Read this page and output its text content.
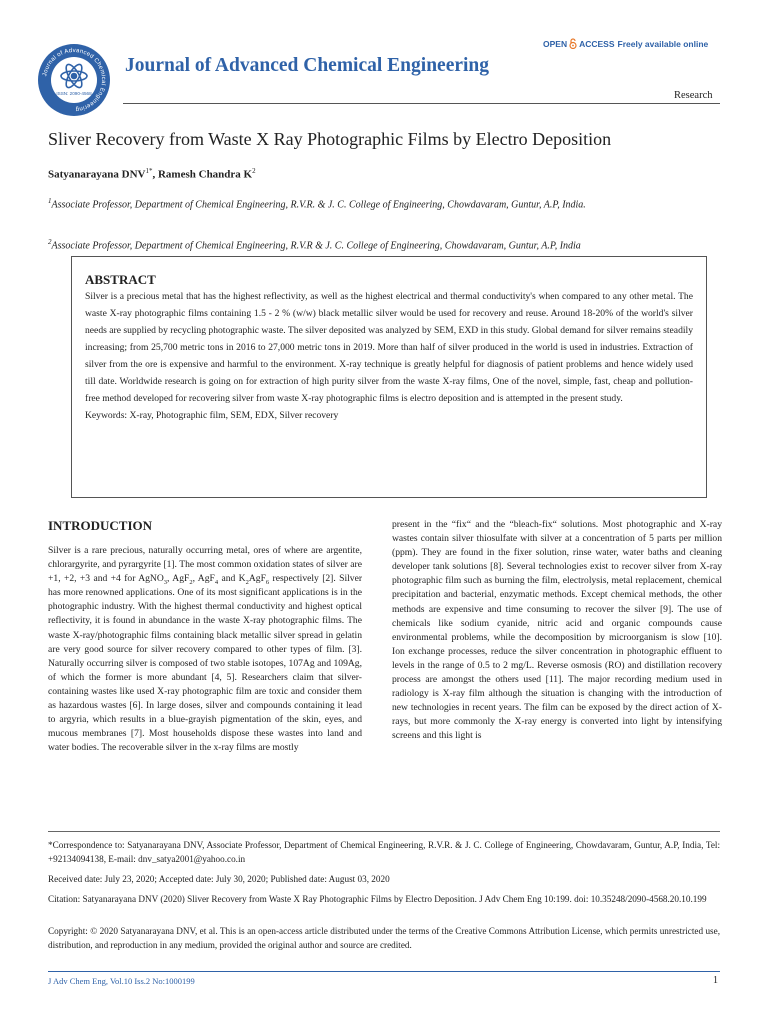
Journal of Advanced Chemical Engineering
ISSN: 2090-4568
Journal of Advanced Chemical Engineering
OPEN ACCESS Freely available online
Research
Sliver Recovery from Waste X Ray Photographic Films by Electro Deposition
Satyanarayana $DNV^{1*}$, Ramesh Chandra $K^2$
$^1$Associate Professor, Department of Chemical Engineering, R.V.R. & J. C. College of Engineering, Chowdavaram, Guntur, A.P, India.
$^2$Associate Professor, Department of Chemical Engineering, R.V.R & J. C. College of Engineering, Chowdavaram, Guntur, A.P, India

ABSTRACT

Silver is a precious metal that has the highest reflectivity, as well as the highest electrical and thermal conductivity's when compared to any other metal. The waste X-ray photographic films containing 1.5 - 2 % (w/w) black metallic silver would be used for recovery and reuse. Around 18-20% of the world's silver needs are supplied by recycling photographic waste. The silver deposited was analyzed by SEM, EXD in this study. Global demand for silver remains steadily increasing; from 25,700 metric tons in 2016 to 27,000 metric tons in 2019. More than half of silver produced in the world is used in industries. Extraction of silver from the ore is expensive and harmful to the environment. X-ray technique is greatly helpful for diagnosis of patient problems and hence widely used till date. Worldwide research is going on for extraction of high purity silver from the waste X-ray films, One of the novel, simple, fast, cheap and pollution-free method developed for recovering silver from waste X-ray photographic films is electro deposition and is attempted in the present study.

Keywords: X-ray, Photographic film, SEM, EDX, Silver recovery

INTRODUCTION

Silver is a rare precious, naturally occurring metal, ores of where are argentite, chlorargyrite, and pyrargyrite [1]. The most common oxidation states of silver are +1, +2, +3 and +4 for AgNO$_3$, AgF$_2$, AgF$_4$ and $K_2AgF_6$ respectively [2]. Silver has more renowned applications. One of its most significant applications is in the photographic industry. With the highest thermal conductivity and highest optical reflectivity, it is found in abundance in the waste X-ray photographic films. The waste X-ray/photographic films containing black metallic silver spread in gelatin are very good source for silver recovery compared to other types of film. [3]. Naturally occurring silver is composed of two stable isotopes, 107Ag and 109Ag, of which the former is more abundant [4, 5]. Researchers claim that silver-containing wastes like used X-ray photographic film are toxic and consider them as hazardous wastes [6]. In large doses, silver and compounds containing it lead to argyria, which results in a blue-grayish pigmentation of the skin, eyes, and mucous membranes [7]. Most households dispose these wastes into land and water bodies. The recoverable silver in the x-ray films are mostly

present in the “fix“ and the “bleach-fix“ solutions. Most photographic and X-ray wastes contain silver thiosulfate with silver at a concentration of 5 parts per million (ppm). They are found in the fixer solution, rinse water, water baths and cleaning developer tank solutions [8]. Several technologies exist to recover silver from X-ray photographic film such as burning the film, electrolysis, metal replacement, chemical precipitation and bacterial, enzymatic methods. Except chemical methods, the other methods are expensive and time consuming to recover the silver [9]. The use of chemicals like sodium cyanide, nitric acid and organic compounds cause environmental problems, while the decomposition by microorganism is slow [10]. Ion exchange processes, reduce the silver concentration in photographic effluent to levels in the range of 0.5 to 2 mg/L. Reverse osmosis (RO) and distillation recovery process are amongst the others used [11]. The major recording medium used in radiology is X-ray film although the situation is changing with the introduction of new technologies in recent years. The film can be exposed by the direct action of X-rays, but more commonly the X-ray energy is converted into light by intensifying screens and this light is

*Correspondence to: Satyanarayana DNV, Associate Professor, Department of Chemical Engineering, R.V.R. & J. C. College of Engineering, Chowdavaram, Guntur, A.P, India, Tel: +92134094138, E-mail: dnv_satya2001@yahoo.co.in
Received date: July 23, 2020; Accepted date: July 30, 2020; Published date: August 03, 2020
Citation: Satyanarayana DNV (2020) Sliver Recovery from Waste X Ray Photographic Films by Electro Deposition. J Adv Chem Eng 10:199. doi: 10.35248/2090-4568.20.10.199
Copyright: © 2020 Satyanarayana DNV, et al. This is an open-access article distributed under the terms of the Creative Commons Attribution License, which permits unrestricted use, distribution, and reproduction in any medium, provided the original author and source are credited.
J Adv Chem Eng, Vol.10 Iss.2 No:1000199	1
